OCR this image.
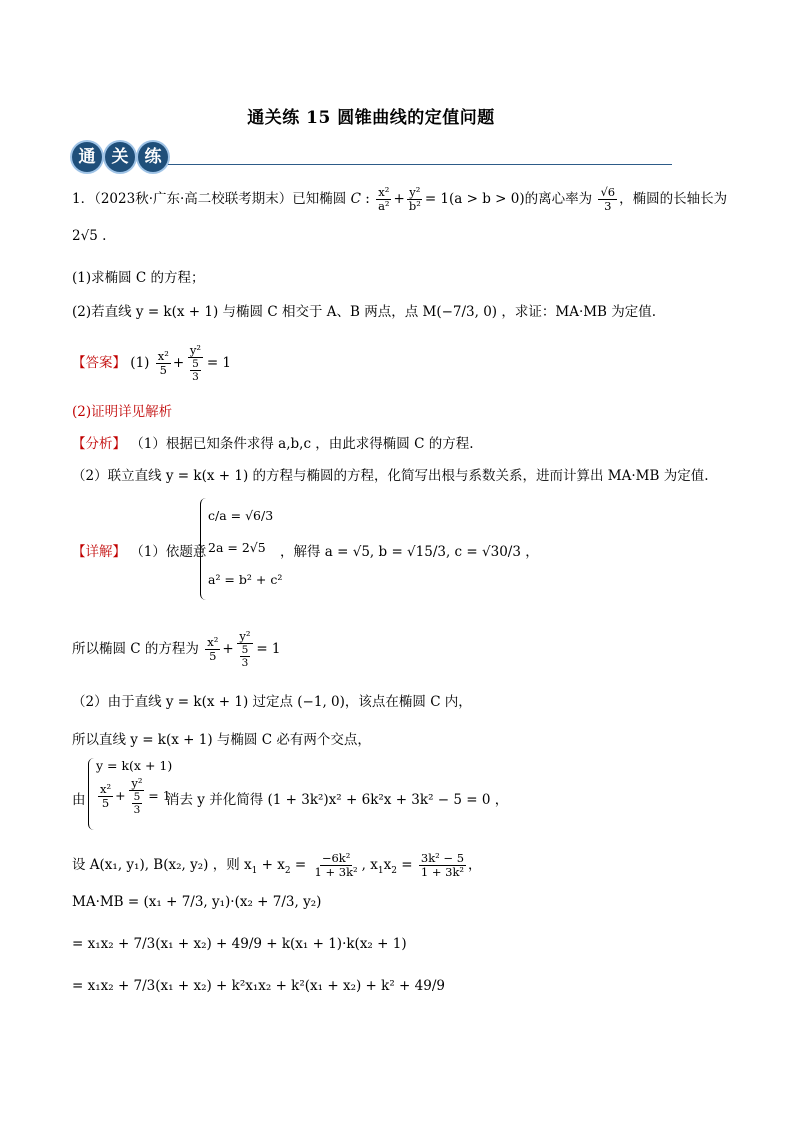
通关练 15 圆锥曲线的定值问题
通 关 练
1．（2023秋·广东·高二校联考期末）已知椭圆 C : $\frac{\text{x²}}{\text{a²}} + \frac{\text{y²}}{\text{b²}} = 1(a > b > 0)$的离心率为 $\frac{√6}{3}$ ，椭圆的长轴长为
2√5 .
(1)求椭圆 C 的方程；
(2)若直线 y = k(x + 1) 与椭圆 C 相交于 A、B 两点，点 M(−7/3, 0) ，求证：MA·MB 为定值.
【答案】 $(1) \frac{\text{x²}}{5} + \frac{\text{y²}}{\frac{5}{3}} = 1$
(2)证明详见解析
【分析】 （1）根据已知条件求得 a,b,c ，由此求得椭圆 C 的方程.
（2）联立直线 y = k(x + 1) 的方程与椭圆的方程，化简写出根与系数关系，进而计算出 MA·MB 为定值.
【详解】 （1）依题意
c/a = √6/3
2a = 2√5
a² = b² + c²
，解得 a = √5, b = √15/3, c = √30/3 ，
所以椭圆 C 的方程为 $\frac{\text{x²}}{5} + \frac{\text{y²}}{\frac{5}{3}} = 1$
（2）由于直线 y = k(x + 1) 过定点 (−1, 0)，该点在椭圆 C 内，
所以直线 y = k(x + 1) 与椭圆 C 必有两个交点，
由
y = k(x + 1)
$\frac{\text{x²}}{5} + \frac{\text{y²}}{\frac{5}{3}} = 1$
消去 y 并化简得 (1 + 3k²)x² + 6k²x + 3k² − 5 = 0 ，
设 A(x₁, y₁), B(x₂, y₂) ，则 $x_1 + x_2 = \frac{\text{−6k²}}{\text{1 + 3k²}}$ , $x_1x_2 = \frac{\text{3k² − 5}}{\text{1 + 3k²}}$ ，
MA·MB = (x₁ + 7/3, y₁)·(x₂ + 7/3, y₂)
= x₁x₂ + 7/3(x₁ + x₂) + 49/9 + k(x₁ + 1)·k(x₂ + 1)
= x₁x₂ + 7/3(x₁ + x₂) + k²x₁x₂ + k²(x₁ + x₂) + k² + 49/9
